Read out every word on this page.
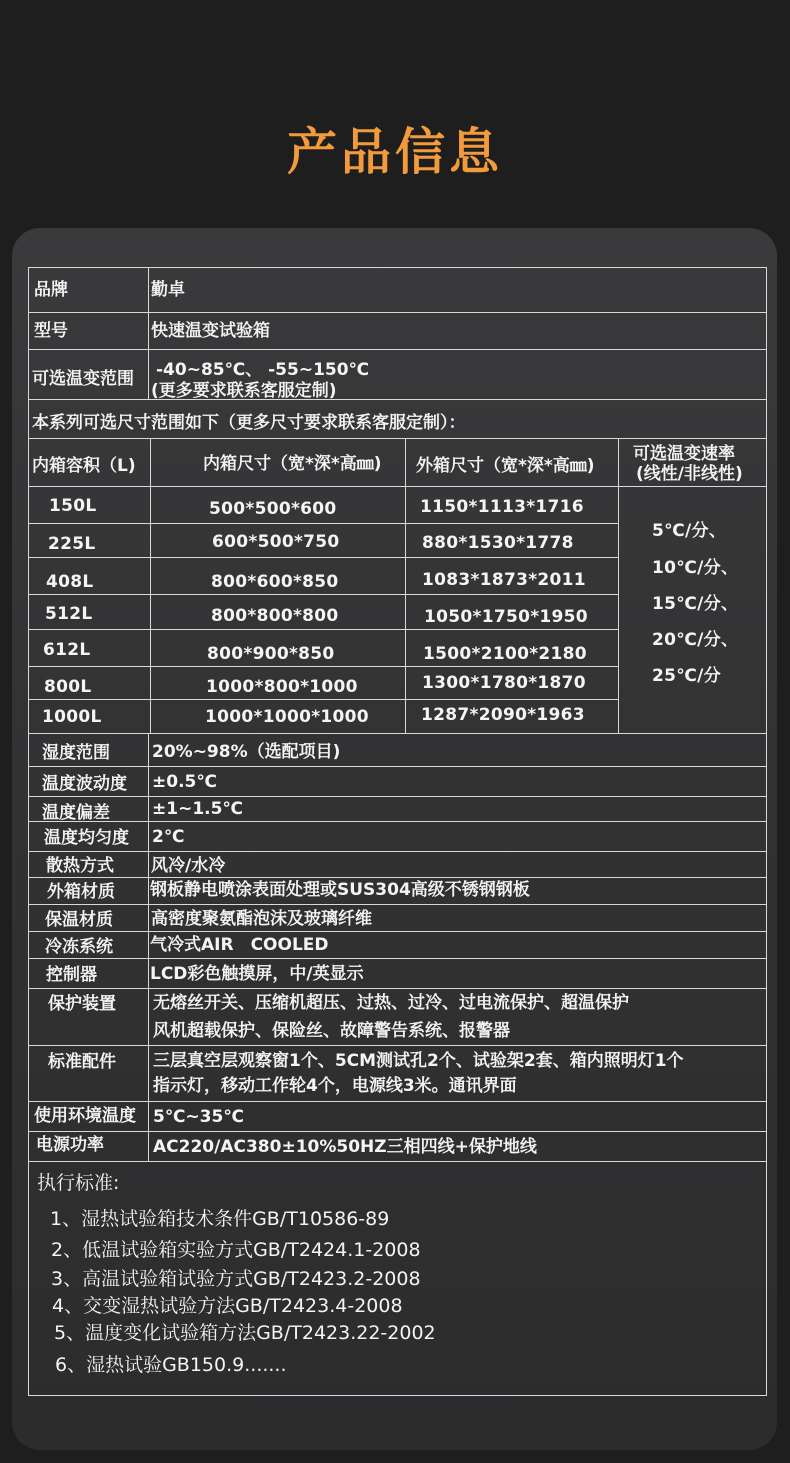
产品信息
品牌	勤卓
型号	快速温变试验箱
可选温变范围 -40~85℃、 -55~150℃
(更多要求联系客服定制)
本系列可选尺寸范围如下（更多尺寸要求联系客服定制）：
内箱容积（L)	内箱尺寸（宽*深*高㎜) 外箱尺寸（宽*深*高㎜)
可选温变速率
(线性/非线性)
150L	500*500*600	1150*1113*1716
225L	600*500*750	880*1530*1778
408L	800*600*850	1083*1873*2011
512L	800*800*800	1050*1750*1950
612L	800*900*850	1500*2100*2180
800L	1000*800*1000	1300*1780*1870
1000L	1000*1000*1000	1287*2090*1963
5℃/分、
10℃/分、
15℃/分、
20℃/分、
25℃/分
湿度范围 20%~98%（选配项目)
温度波动度 ±0.5℃
温度偏差 ±1~1.5℃
温度均匀度 2℃
散热方式 风冷/水冷
外箱材质 钢板静电喷涂表面处理或SUS304高级不锈钢钢板
保温材质 高密度聚氨酯泡沫及玻璃纤维
冷冻系统 气冷式AIR　COOLED
控制器	LCD彩色触摸屏，中/英显示
保护装置 无熔丝开关、压缩机超压、过热、过冷、过电流保护、超温保护
风机超载保护、保险丝、故障警告系统、报警器
标准配件 三层真空层观察窗1个、5CM测试孔2个、试验架2套、箱内照明灯1个
指示灯，移动工作轮4个，电源线3米。通讯界面
使用环境温度 5℃~35℃
电源功率	AC220/AC380±10%50HZ三相四线+保护地线
执行标准:
1、湿热试验箱技术条件GB/T10586-89
2、低温试验箱实验方式GB/T2424.1-2008
3、高温试验箱试验方式GB/T2423.2-2008
4、交变湿热试验方法GB/T2423.4-2008
5、温度变化试验箱方法GB/T2423.22-2002
6、湿热试验GB150.9.......
